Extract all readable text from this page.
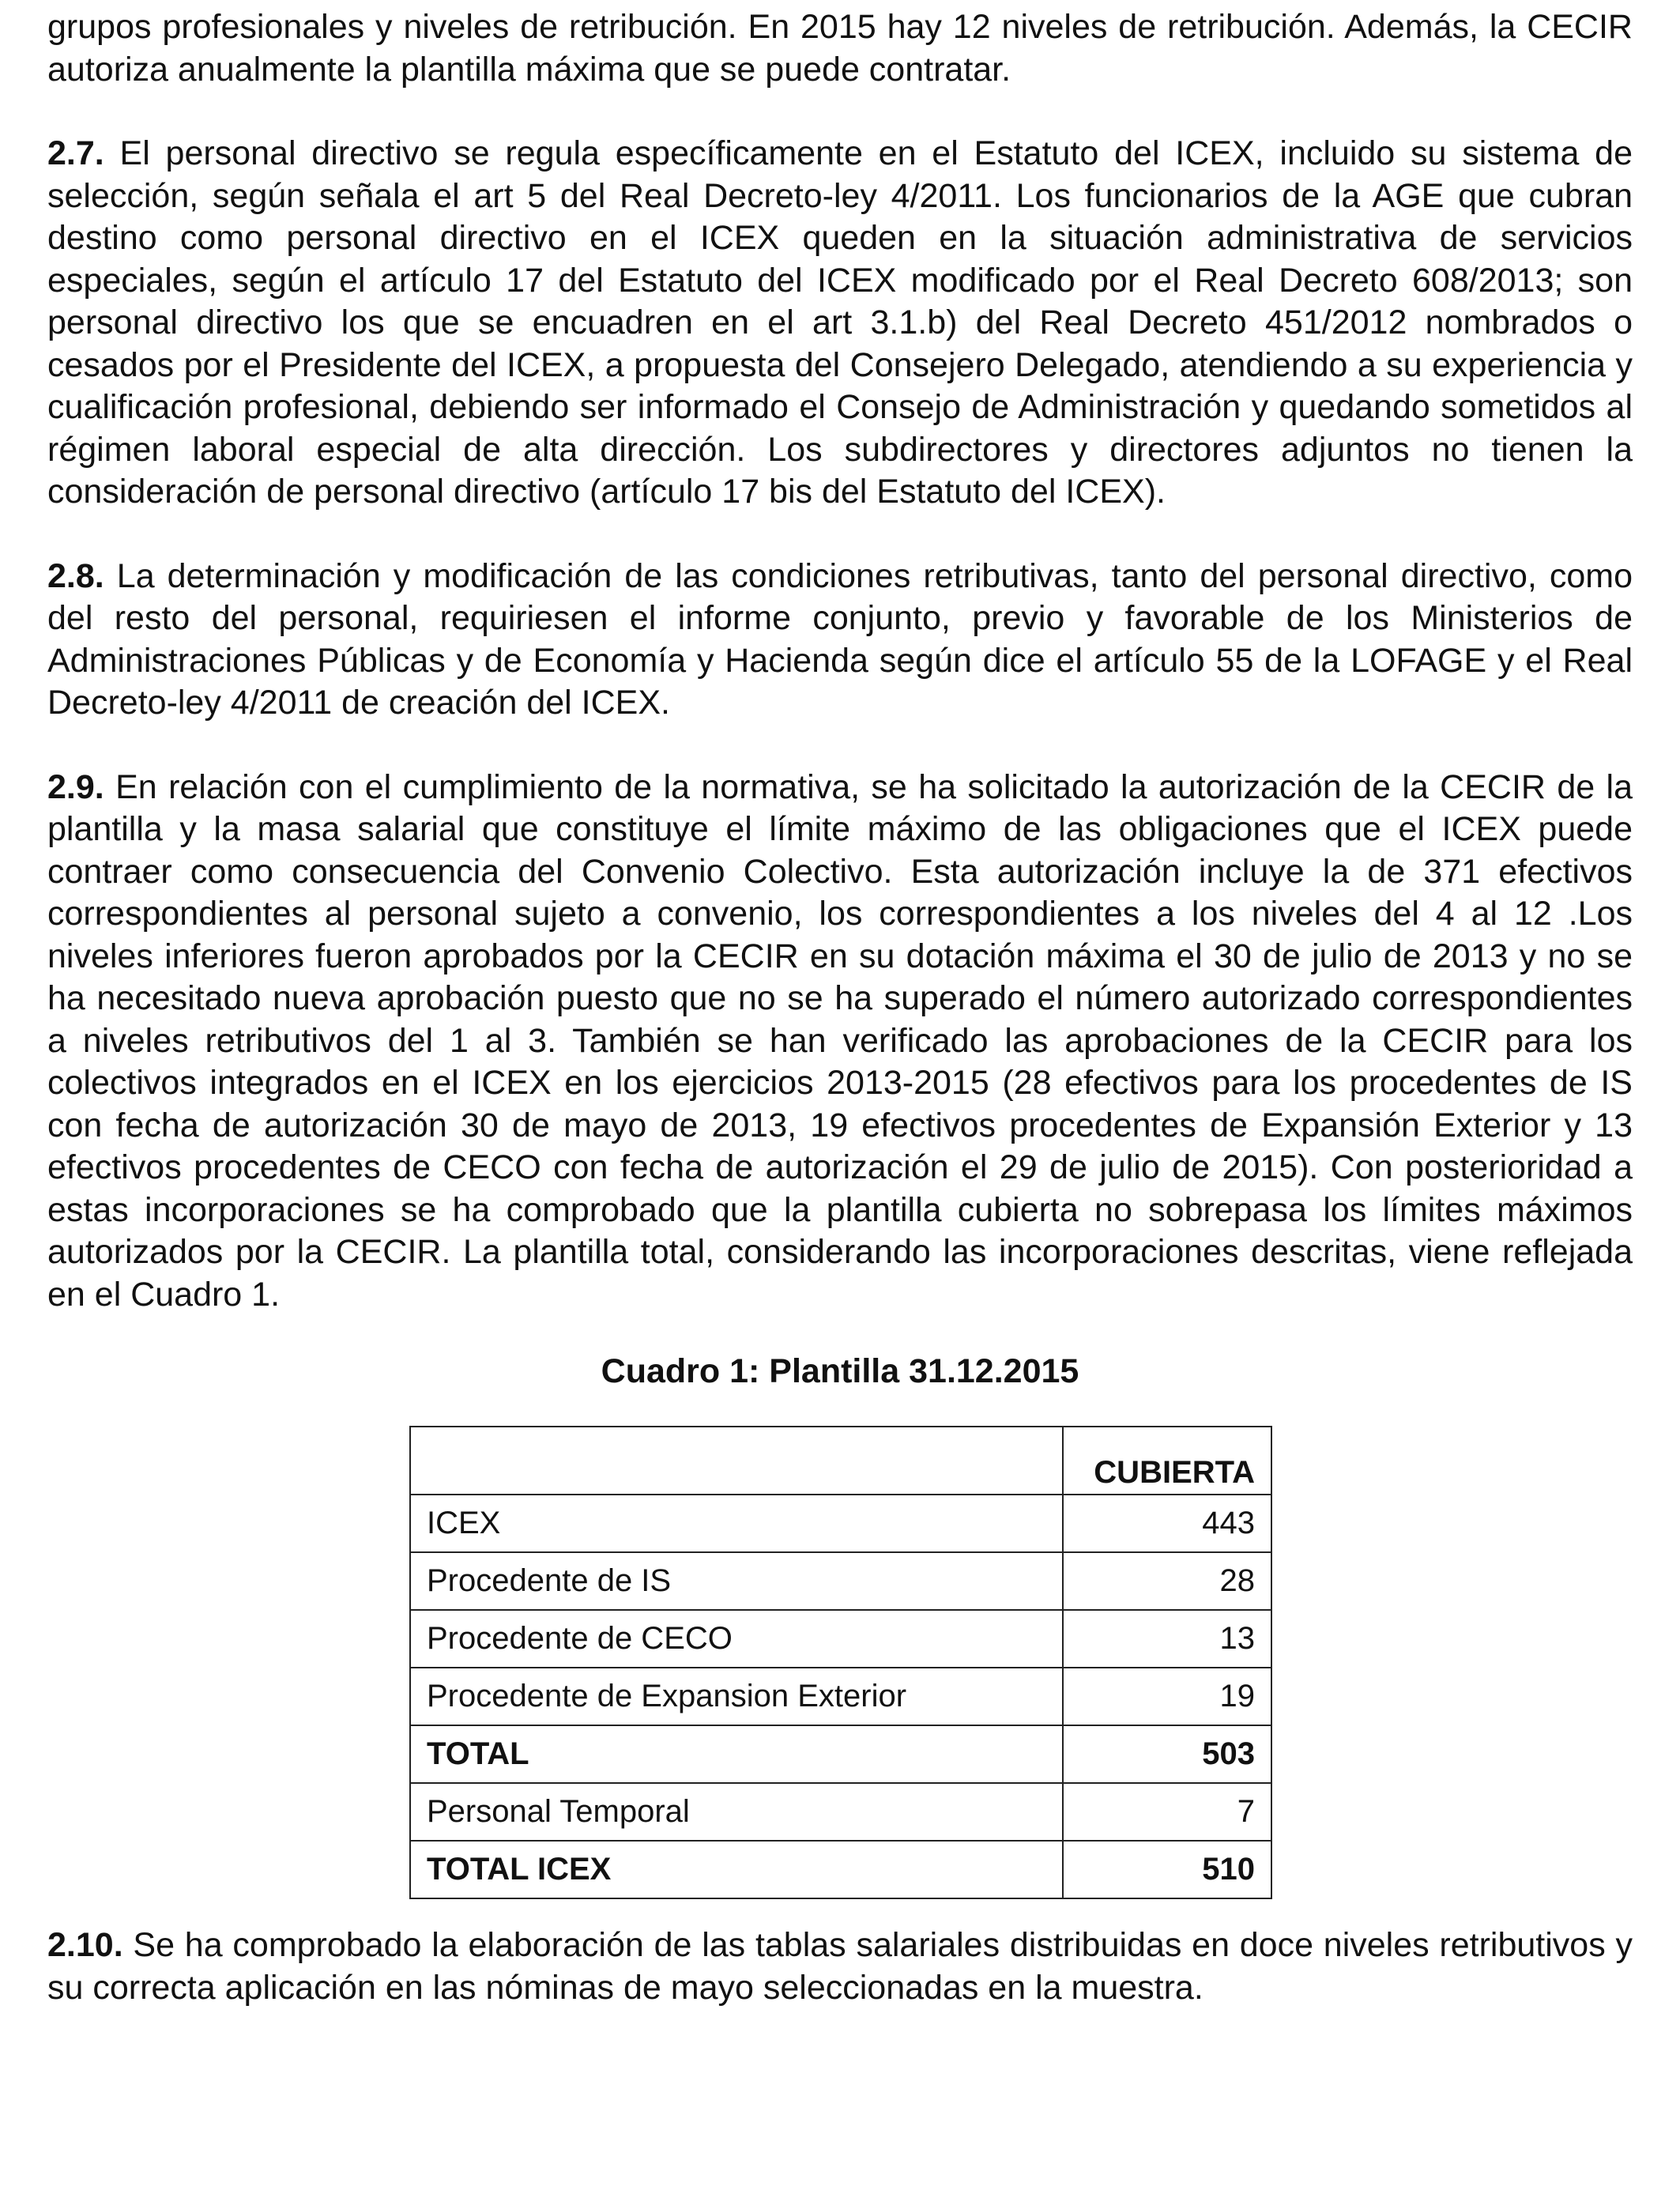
grupos profesionales y niveles de retribución. En 2015 hay 12 niveles de retribución. Además, la CECIR autoriza anualmente la plantilla máxima que se puede contratar.

2.7. El personal directivo se regula específicamente en el Estatuto del ICEX, incluido su sistema de selección, según señala el art 5 del Real Decreto-ley 4/2011. Los funcionarios de la AGE que cubran destino como personal directivo en el ICEX queden en la situación administrativa de servicios especiales, según el artículo 17 del Estatuto del ICEX modificado por el Real Decreto 608/2013; son personal directivo los que se encuadren en el art 3.1.b) del Real Decreto 451/2012 nombrados o cesados por el Presidente del ICEX, a propuesta del Consejero Delegado, atendiendo a su experiencia y cualificación profesional, debiendo ser informado el Consejo de Administración y quedando sometidos al régimen laboral especial de alta dirección. Los subdirectores y directores adjuntos no tienen la consideración de personal directivo (artículo 17 bis del Estatuto del ICEX).

2.8. La determinación y modificación de las condiciones retributivas, tanto del personal directivo, como del resto del personal, requiriesen el informe conjunto, previo y favorable de los Ministerios de Administraciones Públicas y de Economía y Hacienda según dice el artículo 55 de la LOFAGE y el Real Decreto-ley 4/2011 de creación del ICEX.

2.9. En relación con el cumplimiento de la normativa, se ha solicitado la autorización de la CECIR de la plantilla y la masa salarial que constituye el límite máximo de las obligaciones que el ICEX puede contraer como consecuencia del Convenio Colectivo. Esta autorización incluye la de 371 efectivos correspondientes al personal sujeto a convenio, los correspondientes a los niveles del 4 al 12 .Los niveles inferiores fueron aprobados por la CECIR en su dotación máxima el 30 de julio de 2013 y no se ha necesitado nueva aprobación puesto que no se ha superado el número autorizado correspondientes a niveles retributivos del 1 al 3. También se han verificado las aprobaciones de la CECIR para los colectivos integrados en el ICEX en los ejercicios 2013-2015 (28 efectivos para los procedentes de IS con fecha de autorización 30 de mayo de 2013, 19 efectivos procedentes de Expansión Exterior y 13 efectivos procedentes de CECO con fecha de autorización el 29 de julio de 2015). Con posterioridad a estas incorporaciones se ha comprobado que la plantilla cubierta no sobrepasa los límites máximos autorizados por la CECIR. La plantilla total, considerando las incorporaciones descritas, viene reflejada en el Cuadro 1.

Cuadro 1: Plantilla 31.12.2015
	CUBIERTA
ICEX	443
Procedente de IS	28
Procedente de CECO	13
Procedente de Expansion Exterior	19
TOTAL	503
Personal Temporal	7
TOTAL ICEX	510

2.10. Se ha comprobado la elaboración de las tablas salariales distribuidas en doce niveles retributivos y su correcta aplicación en las nóminas de mayo seleccionadas en la muestra.
